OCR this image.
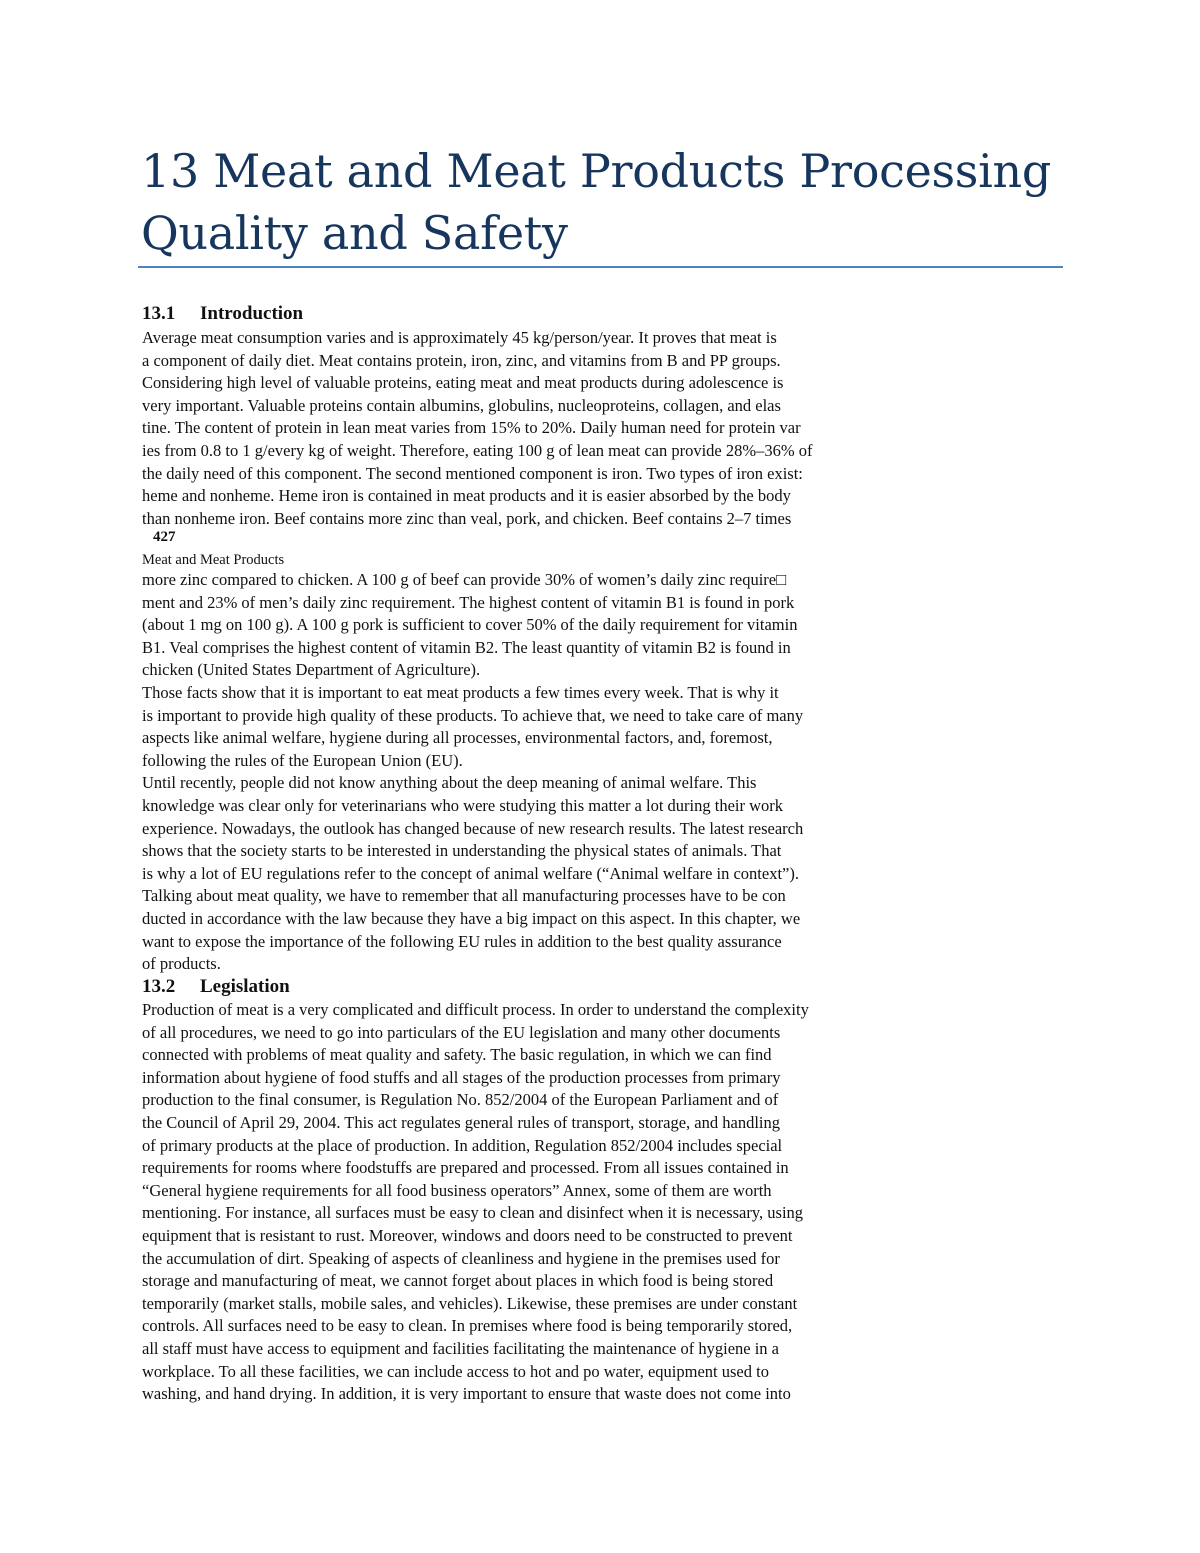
13 Meat and Meat Products Processing
Quality and Safety
13.1 Introduction
Average meat consumption varies and is approximately 45 kg/person/year. It proves that meat is
a component of daily diet. Meat contains protein, iron, zinc, and vitamins from B and PP groups.
Considering high level of valuable proteins, eating meat and meat products during adolescence is
very important. Valuable proteins contain albumins, globulins, nucleoproteins, collagen, and elas
tine. The content of protein in lean meat varies from 15% to 20%. Daily human need for protein var
ies from 0.8 to 1 g/every kg of weight. Therefore, eating 100 g of lean meat can provide 28%–36% of
the daily need of this component. The second mentioned component is iron. Two types of iron exist:
heme and nonheme. Heme iron is contained in meat products and it is easier absorbed by the body
than nonheme iron. Beef contains more zinc than veal, pork, and chicken. Beef contains 2–7 times
427
Meat and Meat Products
more zinc compared to chicken. A 100 g of beef can provide 30% of women’s daily zinc require□
ment and 23% of men’s daily zinc requirement. The highest content of vitamin B1 is found in pork
(about 1 mg on 100 g). A 100 g pork is sufficient to cover 50% of the daily requirement for vitamin
B1. Veal comprises the highest content of vitamin B2. The least quantity of vitamin B2 is found in
chicken (United States Department of Agriculture).
Those facts show that it is important to eat meat products a few times every week. That is why it
is important to provide high quality of these products. To achieve that, we need to take care of many
aspects like animal welfare, hygiene during all processes, environmental factors, and, foremost,
following the rules of the European Union (EU).
Until recently, people did not know anything about the deep meaning of animal welfare. This
knowledge was clear only for veterinarians who were studying this matter a lot during their work
experience. Nowadays, the outlook has changed because of new research results. The latest research
shows that the society starts to be interested in understanding the physical states of animals. That
is why a lot of EU regulations refer to the concept of animal welfare (“Animal welfare in context”).
Talking about meat quality, we have to remember that all manufacturing processes have to be con
ducted in accordance with the law because they have a big impact on this aspect. In this chapter, we
want to expose the importance of the following EU rules in addition to the best quality assurance
of products.
13.2 Legislation
Production of meat is a very complicated and difficult process. In order to understand the complexity
of all procedures, we need to go into particulars of the EU legislation and many other documents
connected with problems of meat quality and safety. The basic regulation, in which we can find
information about hygiene of food stuffs and all stages of the production processes from primary
production to the final consumer, is Regulation No. 852/2004 of the European Parliament and of
the Council of April 29, 2004. This act regulates general rules of transport, storage, and handling
of primary products at the place of production. In addition, Regulation 852/2004 includes special
requirements for rooms where foodstuffs are prepared and processed. From all issues contained in
“General hygiene requirements for all food business operators” Annex, some of them are worth
mentioning. For instance, all surfaces must be easy to clean and disinfect when it is necessary, using
equipment that is resistant to rust. Moreover, windows and doors need to be constructed to prevent
the accumulation of dirt. Speaking of aspects of cleanliness and hygiene in the premises used for
storage and manufacturing of meat, we cannot forget about places in which food is being stored
temporarily (market stalls, mobile sales, and vehicles). Likewise, these premises are under constant
controls. All surfaces need to be easy to clean. In premises where food is being temporarily stored,
all staff must have access to equipment and facilities facilitating the maintenance of hygiene in a
workplace. To all these facilities, we can include access to hot and po water, equipment used to
washing, and hand drying. In addition, it is very important to ensure that waste does not come into
